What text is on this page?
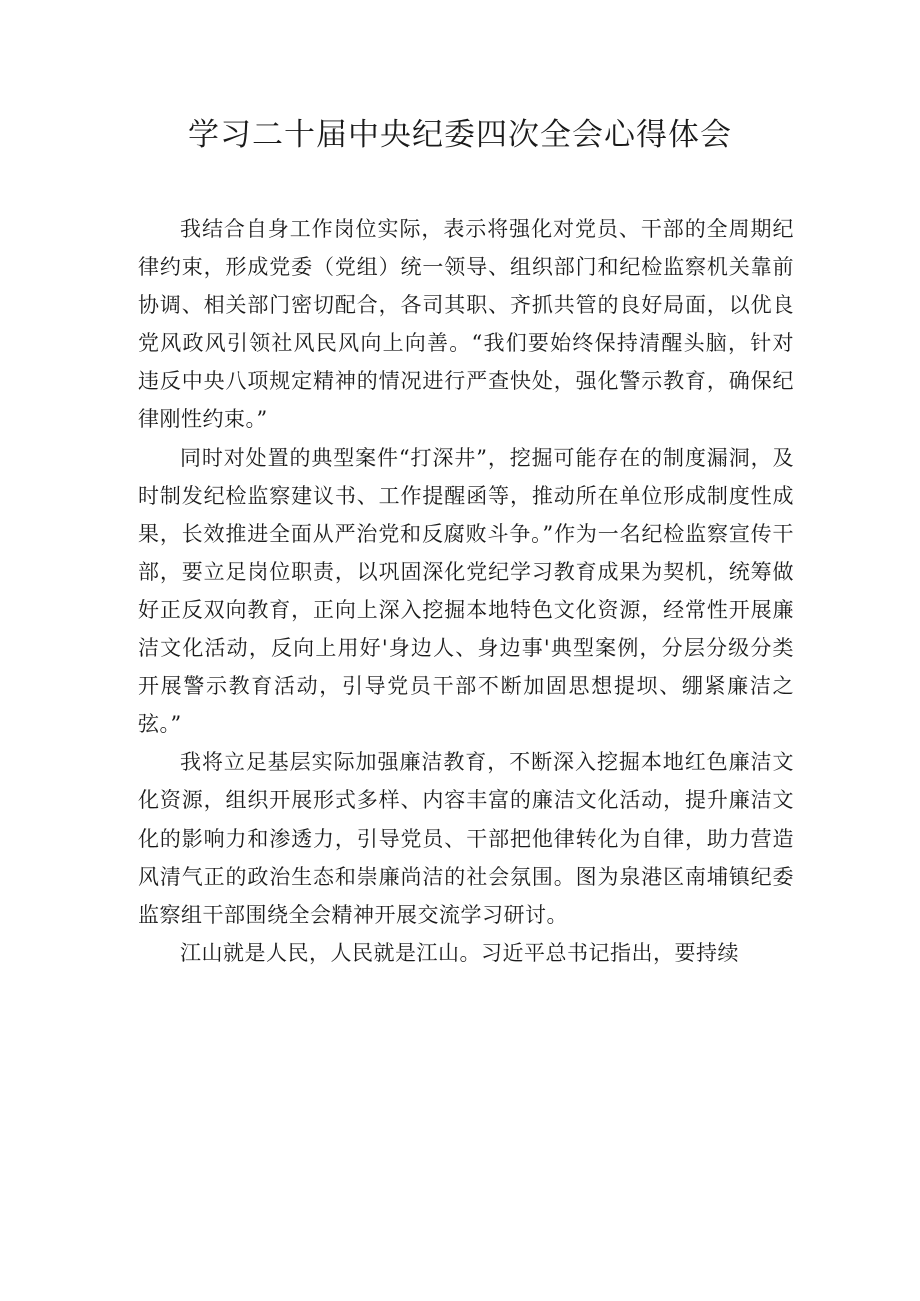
学习二十届中央纪委四次全会心得体会

我结合自身工作岗位实际，表示将强化对党员、干部的全周期纪律约束，形成党委（党组）统一领导、组织部门和纪检监察机关靠前协调、相关部门密切配合，各司其职、齐抓共管的良好局面，以优良党风政风引领社风民风向上向善。“我们要始终保持清醒头脑，针对违反中央八项规定精神的情况进行严查快处，强化警示教育，确保纪律刚性约束。”

同时对处置的典型案件“打深井”，挖掘可能存在的制度漏洞，及时制发纪检监察建议书、工作提醒函等，推动所在单位形成制度性成果，长效推进全面从严治党和反腐败斗争。”作为一名纪检监察宣传干部，要立足岗位职责，以巩固深化党纪学习教育成果为契机，统筹做好正反双向教育，正向上深入挖掘本地特色文化资源，经常性开展廉洁文化活动，反向上用好'身边人、身边事'典型案例，分层分级分类开展警示教育活动，引导党员干部不断加固思想提坝、绷紧廉洁之弦。”

我将立足基层实际加强廉洁教育，不断深入挖掘本地红色廉洁文化资源，组织开展形式多样、内容丰富的廉洁文化活动，提升廉洁文化的影响力和渗透力，引导党员、干部把他律转化为自律，助力营造风清气正的政治生态和崇廉尚洁的社会氛围。图为泉港区南埔镇纪委监察组干部围绕全会精神开展交流学习研讨。

江山就是人民，人民就是江山。习近平总书记指出，要持续
